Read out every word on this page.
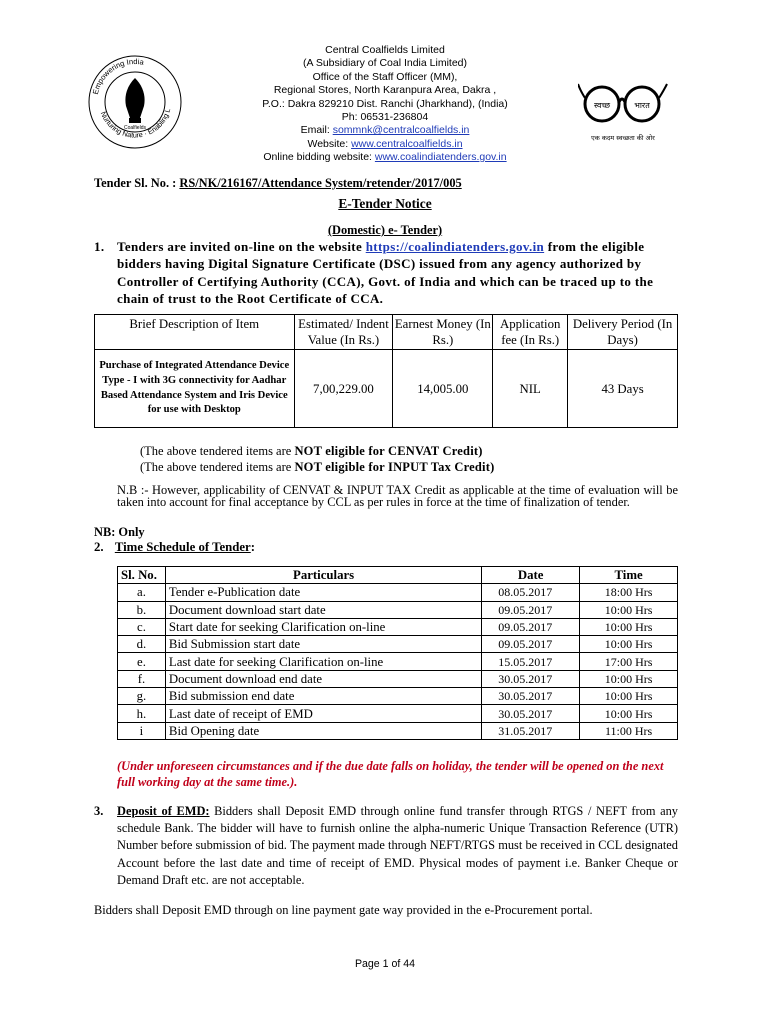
Empowering India
Nurturing Nature · Enabling L
Coalfields
स्वच्छ	भारत
एक कदम स्वच्छता की ओर
Central Coalfields Limited
(A Subsidiary of Coal India Limited)
Office of the Staff Officer (MM),
Regional Stores, North Karanpura Area, Dakra ,
P.O.: Dakra 829210 Dist. Ranchi (Jharkhand), (India)
Ph: 06531-236804
Email: sommnk@centralcoalfields.in
Website: www.centralcoalfields.in
Online bidding website: www.coalindiatenders.gov.in
Tender Sl. No. : RS/NK/216167/Attendance System/retender/2017/005
E-Tender Notice
(Domestic) e- Tender)
1. Tenders are invited on-line on the website https://coalindiatenders.gov.in from the eligible bidders having Digital Signature Certificate (DSC) issued from any agency authorized by Controller of Certifying Authority (CCA), Govt. of India and which can be traced up to the chain of trust to the Root Certificate of CCA.
Brief Description of Item	Estimated/ Indent Value (In Rs.)	Earnest Money (In Rs.)	Application fee (In Rs.)	Delivery Period (In Days)
Purchase of Integrated Attendance Device Type - I with 3G connectivity for Aadhar Based Attendance System and Iris Device for use with Desktop	7,00,229.00	14,005.00	NIL	43 Days
(The above tendered items are NOT eligible for CENVAT Credit)
(The above tendered items are NOT eligible for INPUT Tax Credit)
N.B :- However, applicability of CENVAT & INPUT TAX Credit as applicable at the time of evaluation will be taken into account for final acceptance by CCL as per rules in force at the time of finalization of tender.
NB: Only
2. Time Schedule of Tender:
Sl. No.	Particulars	Date	Time
a.	Tender e-Publication date	08.05.2017	18:00 Hrs
b.	Document download start date	09.05.2017	10:00 Hrs
c.	Start date for seeking Clarification on-line	09.05.2017	10:00 Hrs
d.	Bid Submission start date	09.05.2017	10:00 Hrs
e.	Last date for seeking Clarification on-line	15.05.2017	17:00 Hrs
f.	Document download end date	30.05.2017	10:00 Hrs
g.	Bid submission end date	30.05.2017	10:00 Hrs
h.	Last date of receipt of EMD	30.05.2017	10:00 Hrs
i	Bid Opening date	31.05.2017	11:00 Hrs
(Under unforeseen circumstances and if the due date falls on holiday, the tender will be opened on the next full working day at the same time.).
3. Deposit of EMD: Bidders shall Deposit EMD through online fund transfer through RTGS / NEFT from any schedule Bank. The bidder will have to furnish online the alpha-numeric Unique Transaction Reference (UTR) Number before submission of bid. The payment made through NEFT/RTGS must be received in CCL designated Account before the last date and time of receipt of EMD. Physical modes of payment i.e. Banker Cheque or Demand Draft etc. are not acceptable.
Bidders shall Deposit EMD through on line payment gate way provided in the e-Procurement portal.
Page 1 of 44
